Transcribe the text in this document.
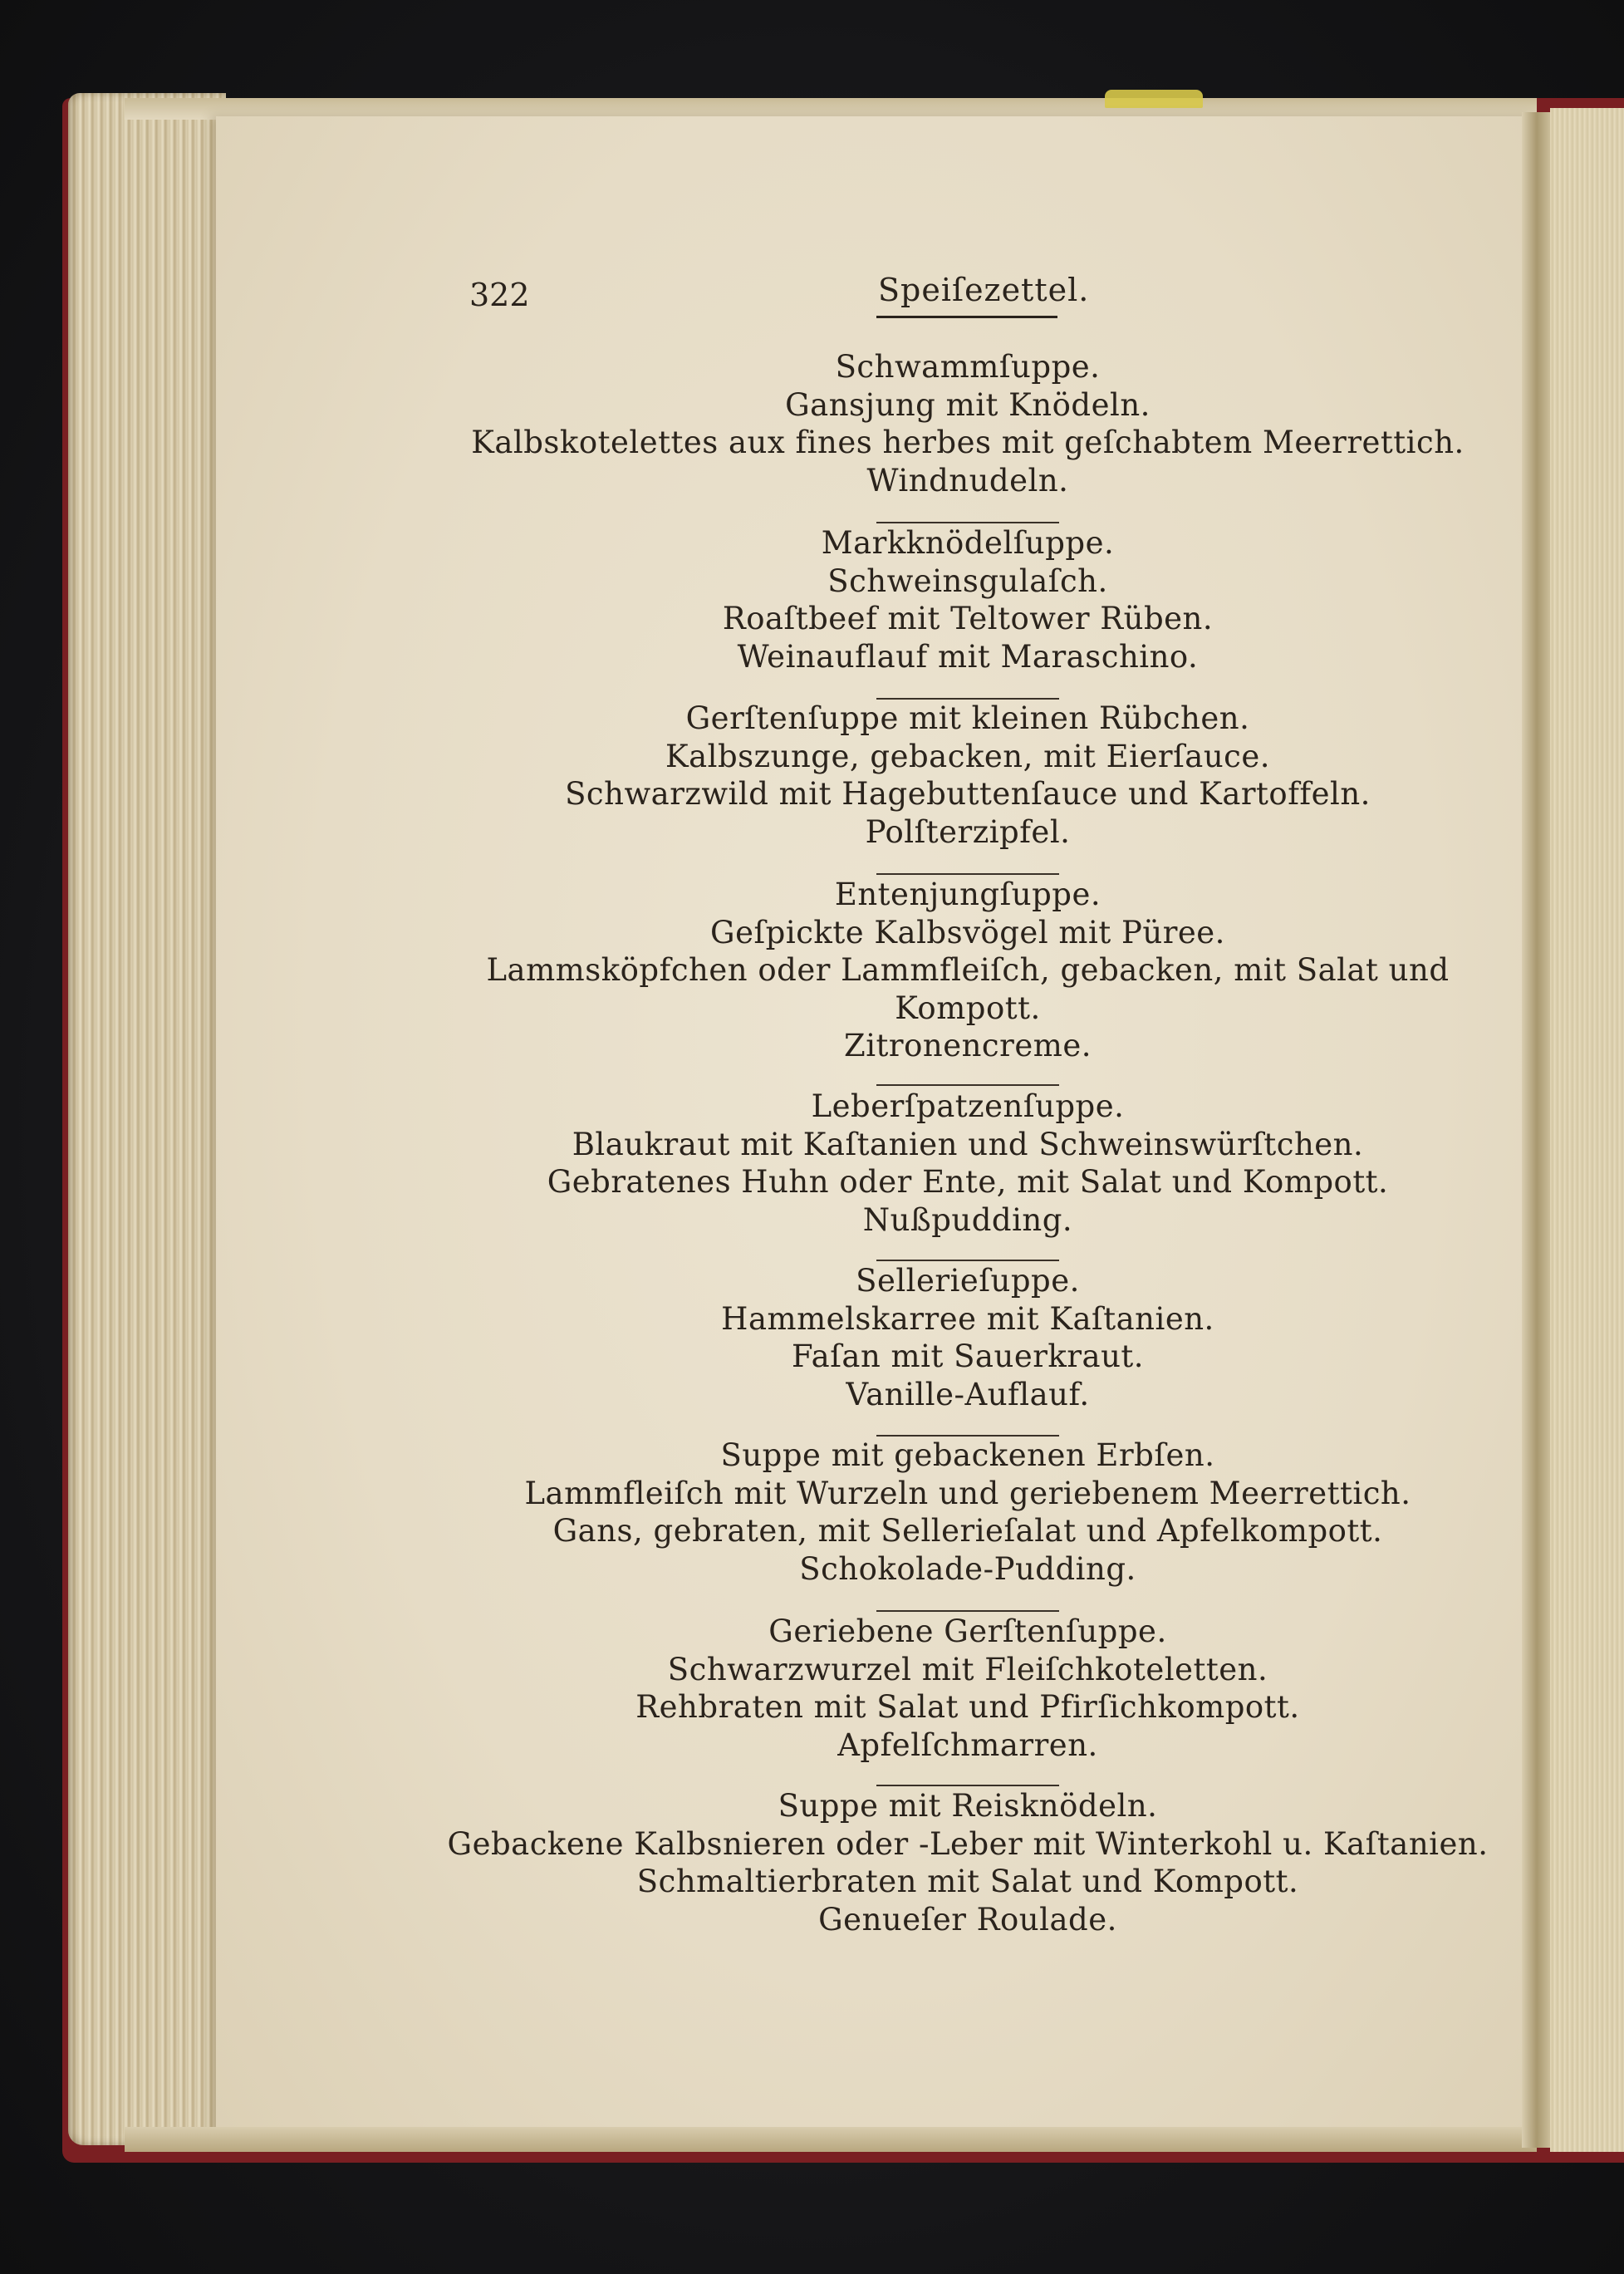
322	Speiſezettel.
Schwammſuppe.
Gansjung mit Knödeln.
Kalbskotelettes aux fines herbes mit geſchabtem Meerrettich.
Windnudeln.
Markknödelſuppe.
Schweinsgulaſch.
Roaſtbeef mit Teltower Rüben.
Weinauflauf mit Maraschino.
Gerſtenſuppe mit kleinen Rübchen.
Kalbszunge, gebacken, mit Eierſauce.
Schwarzwild mit Hagebuttenſauce und Kartoffeln.
Polſterzipfel.
Entenjungſuppe.
Geſpickte Kalbsvögel mit Püree.
Lammsköpfchen oder Lammfleiſch, gebacken, mit Salat und
Kompott.
Zitronencreme.
Leberſpatzenſuppe.
Blaukraut mit Kaſtanien und Schweinswürſtchen.
Gebratenes Huhn oder Ente, mit Salat und Kompott.
Nußpudding.
Sellerieſuppe.
Hammelskarree mit Kaſtanien.
Faſan mit Sauerkraut.
Vanille-Auflauf.
Suppe mit gebackenen Erbſen.
Lammfleiſch mit Wurzeln und geriebenem Meerrettich.
Gans, gebraten, mit Sellerieſalat und Apfelkompott.
Schokolade-Pudding.
Geriebene Gerſtenſuppe.
Schwarzwurzel mit Fleiſchkoteletten.
Rehbraten mit Salat und Pfirſichkompott.
Apfelſchmarren.
Suppe mit Reisknödeln.
Gebackene Kalbsnieren oder -Leber mit Winterkohl u. Kaſtanien.
Schmaltierbraten mit Salat und Kompott.
Genueſer Roulade.
